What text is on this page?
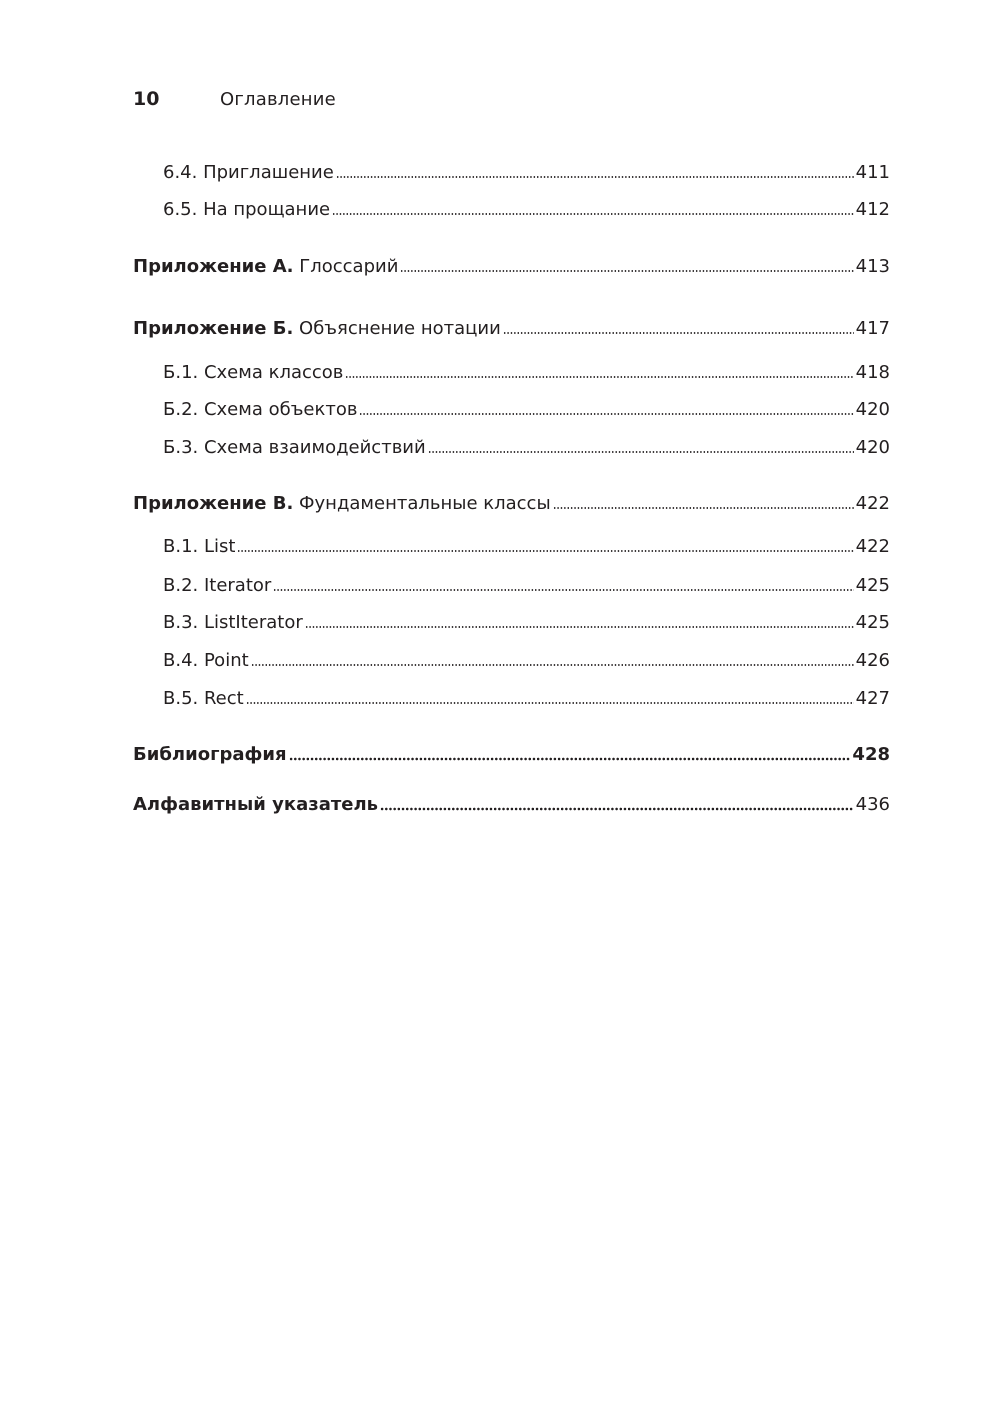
10	Оглавление
6.4. Приглашение	411
6.5. На прощание	412
Приложение А. Глоссарий	413
Приложение Б. Объяснение нотации	417
Б.1. Схема классов	418
Б.2. Схема объектов	420
Б.3. Схема взаимодействий	420
Приложение В. Фундаментальные классы	422
В.1. List	422
В.2. Iterator	425
В.3. ListIterator	425
В.4. Point	426
В.5. Rect	427
Библиография	428
Алфавитный указатель	436
